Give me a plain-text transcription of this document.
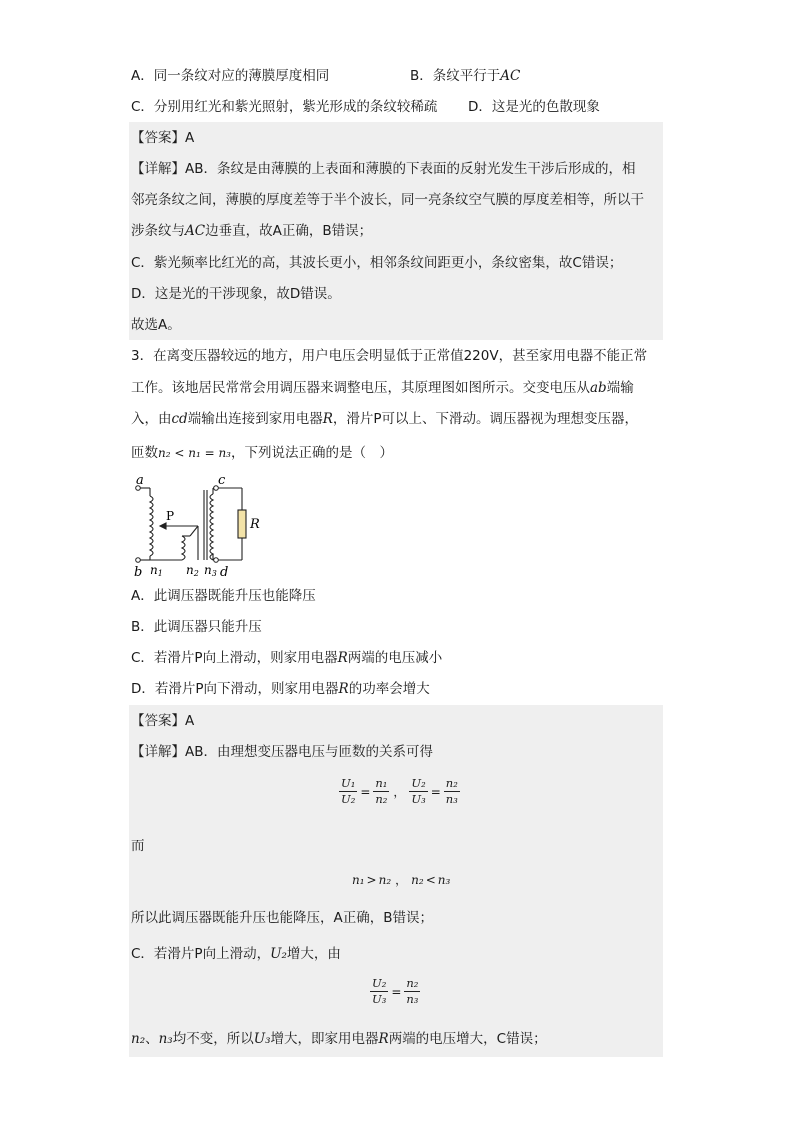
A．同一条纹对应的薄膜厚度相同	B．条纹平行于AC
C．分别用红光和紫光照射，紫光形成的条纹较稀疏 D．这是光的色散现象
【答案】A
【详解】AB．条纹是由薄膜的上表面和薄膜的下表面的反射光发生干涉后形成的，相
邻亮条纹之间，薄膜的厚度差等于半个波长，同一亮条纹空气膜的厚度差相等，所以干
涉条纹与AC边垂直，故A正确，B错误；
C．紫光频率比红光的高，其波长更小，相邻条纹间距更小，条纹密集，故C错误；
D．这是光的干涉现象，故D错误。
故选A。
3．在离变压器较远的地方，用户电压会明显低于正常值220V，甚至家用电器不能正常
工作。该地居民常常会用调压器来调整电压，其原理图如图所示。交变电压从ab端输
入，由cd端输出连接到家用电器R，滑片P可以上、下滑动。调压器视为理想变压器，
匝数n₂ < n₁ = n₃，下列说法正确的是（　）
a
b
c
d
P
R
n1 n2 n3
A．此调压器既能升压也能降压
B．此调压器只能升压
C．若滑片P向上滑动，则家用电器R两端的电压减小
D．若滑片P向下滑动，则家用电器R的功率会增大
【答案】A
【详解】AB．由理想变压器电压与匝数的关系可得
$\frac{\text{U₁}}{\text{U₂}} = \frac{\text{n₁}}{\text{n₂}}$ ， $\frac{\text{U₂}}{\text{U₃}} = \frac{\text{n₂}}{\text{n₃}}$
而
n₁ > n₂ ， n₂ < n₃
所以此调压器既能升压也能降压，A正确，B错误；
C．若滑片P向上滑动，U₂增大，由
$\frac{\text{U₂}}{\text{U₃}} = \frac{\text{n₂}}{\text{n₃}}$
n₂、n₃均不变，所以U₃增大，即家用电器R两端的电压增大，C错误；
